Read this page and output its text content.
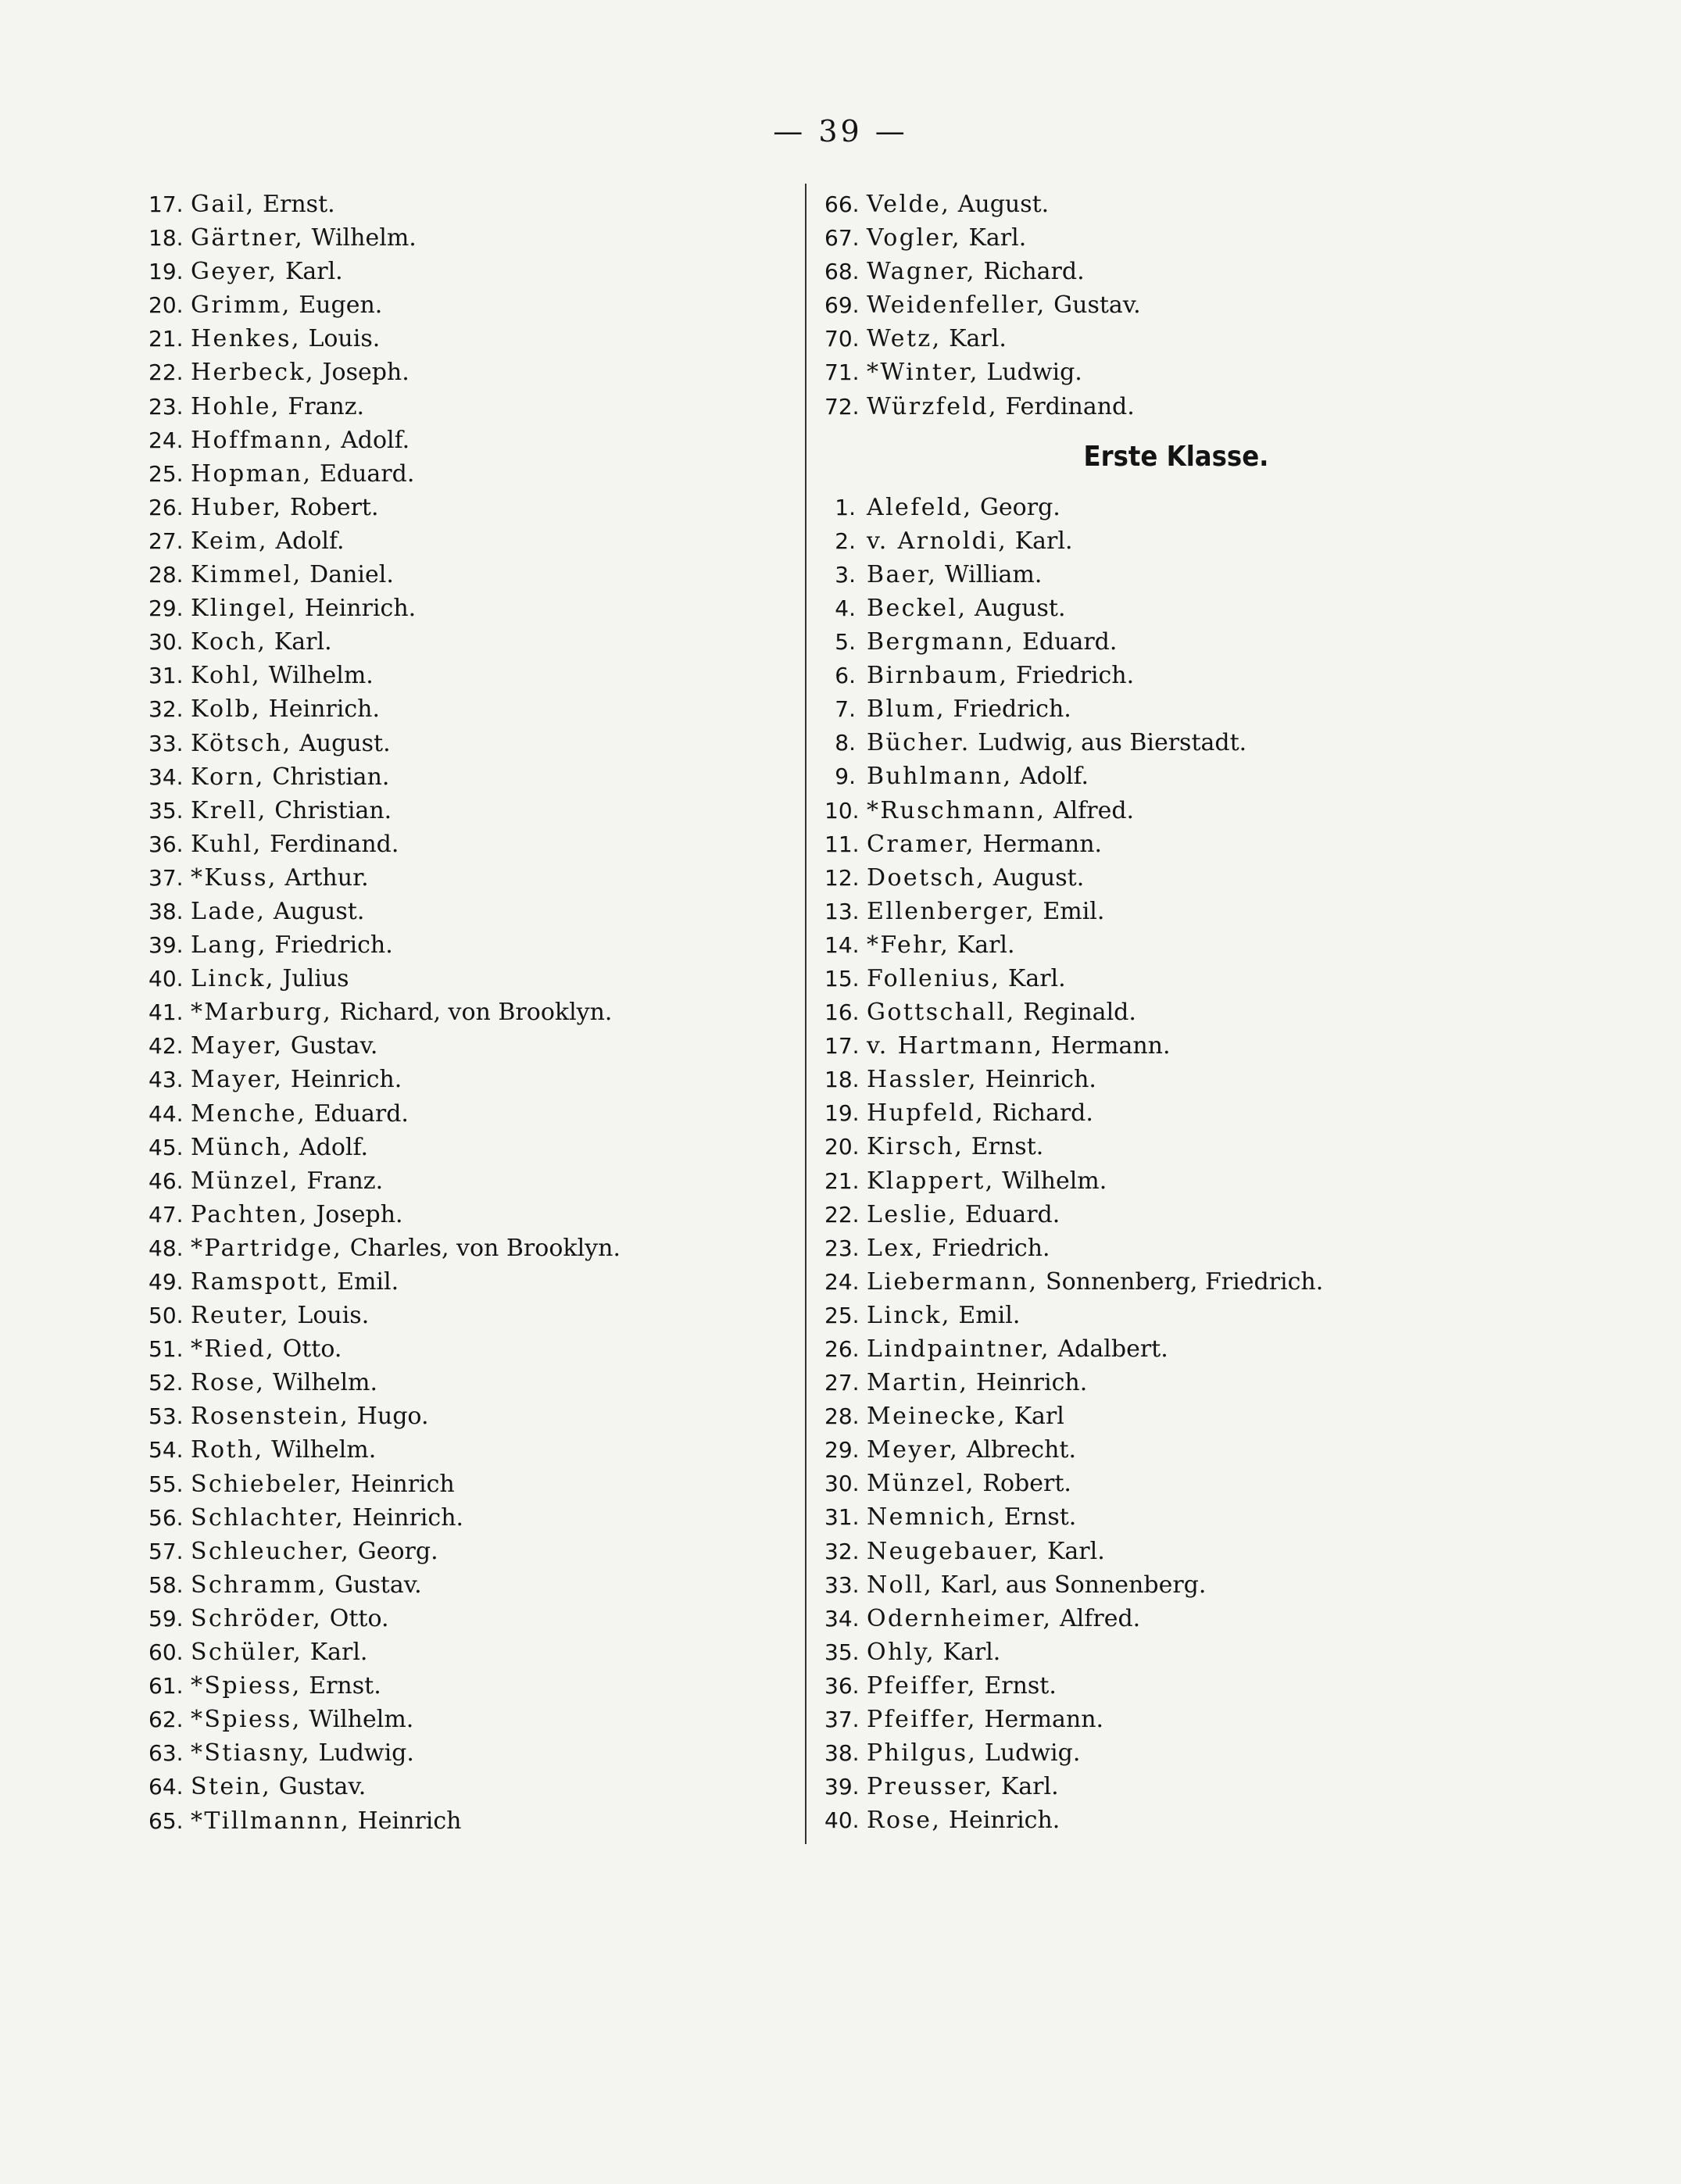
— 39 —
17. Gail, Ernst.
18. Gärtner, Wilhelm.
19. Geyer, Karl.
20. Grimm, Eugen.
21. Henkes, Louis.
22. Herbeck, Joseph.
23. Hohle, Franz.
24. Hoffmann, Adolf.
25. Hopman, Eduard.
26. Huber, Robert.
27. Keim, Adolf.
28. Kimmel, Daniel.
29. Klingel, Heinrich.
30. Koch, Karl.
31. Kohl, Wilhelm.
32. Kolb, Heinrich.
33. Kötsch, August.
34. Korn, Christian.
35. Krell, Christian.
36. Kuhl, Ferdinand.
37. *Kuss, Arthur.
38. Lade, August.
39. Lang, Friedrich.
40. Linck, Julius
41. *Marburg, Richard, von Brooklyn.
42. Mayer, Gustav.
43. Mayer, Heinrich.
44. Menche, Eduard.
45. Münch, Adolf.
46. Münzel, Franz.
47. Pachten, Joseph.
48. *Partridge, Charles, von Brooklyn.
49. Ramspott, Emil.
50. Reuter, Louis.
51. *Ried, Otto.
52. Rose, Wilhelm.
53. Rosenstein, Hugo.
54. Roth, Wilhelm.
55. Schiebeler, Heinrich
56. Schlachter, Heinrich.
57. Schleucher, Georg.
58. Schramm, Gustav.
59. Schröder, Otto.
60. Schüler, Karl.
61. *Spiess, Ernst.
62. *Spiess, Wilhelm.
63. *Stiasny, Ludwig.
64. Stein, Gustav.
65. *Tillmannn, Heinrich
66. Velde, August.
67. Vogler, Karl.
68. Wagner, Richard.
69. Weidenfeller, Gustav.
70. Wetz, Karl.
71. *Winter, Ludwig.
72. Würzfeld, Ferdinand.
Erste Klasse.
1. Alefeld, Georg.
2. v. Arnoldi, Karl.
3. Baer, William.
4. Beckel, August.
5. Bergmann, Eduard.
6. Birnbaum, Friedrich.
7. Blum, Friedrich.
8. Bücher. Ludwig, aus Bierstadt.
9. Buhlmann, Adolf.
10. *Ruschmann, Alfred.
11. Cramer, Hermann.
12. Doetsch, August.
13. Ellenberger, Emil.
14. *Fehr, Karl.
15. Follenius, Karl.
16. Gottschall, Reginald.
17. v. Hartmann, Hermann.
18. Hassler, Heinrich.
19. Hupfeld, Richard.
20. Kirsch, Ernst.
21. Klappert, Wilhelm.
22. Leslie, Eduard.
23. Lex, Friedrich.
24. Liebermann, Sonnenberg, Friedrich.
25. Linck, Emil.
26. Lindpaintner, Adalbert.
27. Martin, Heinrich.
28. Meinecke, Karl
29. Meyer, Albrecht.
30. Münzel, Robert.
31. Nemnich, Ernst.
32. Neugebauer, Karl.
33. Noll, Karl, aus Sonnenberg.
34. Odernheimer, Alfred.
35. Ohly, Karl.
36. Pfeiffer, Ernst.
37. Pfeiffer, Hermann.
38. Philgus, Ludwig.
39. Preusser, Karl.
40. Rose, Heinrich.
